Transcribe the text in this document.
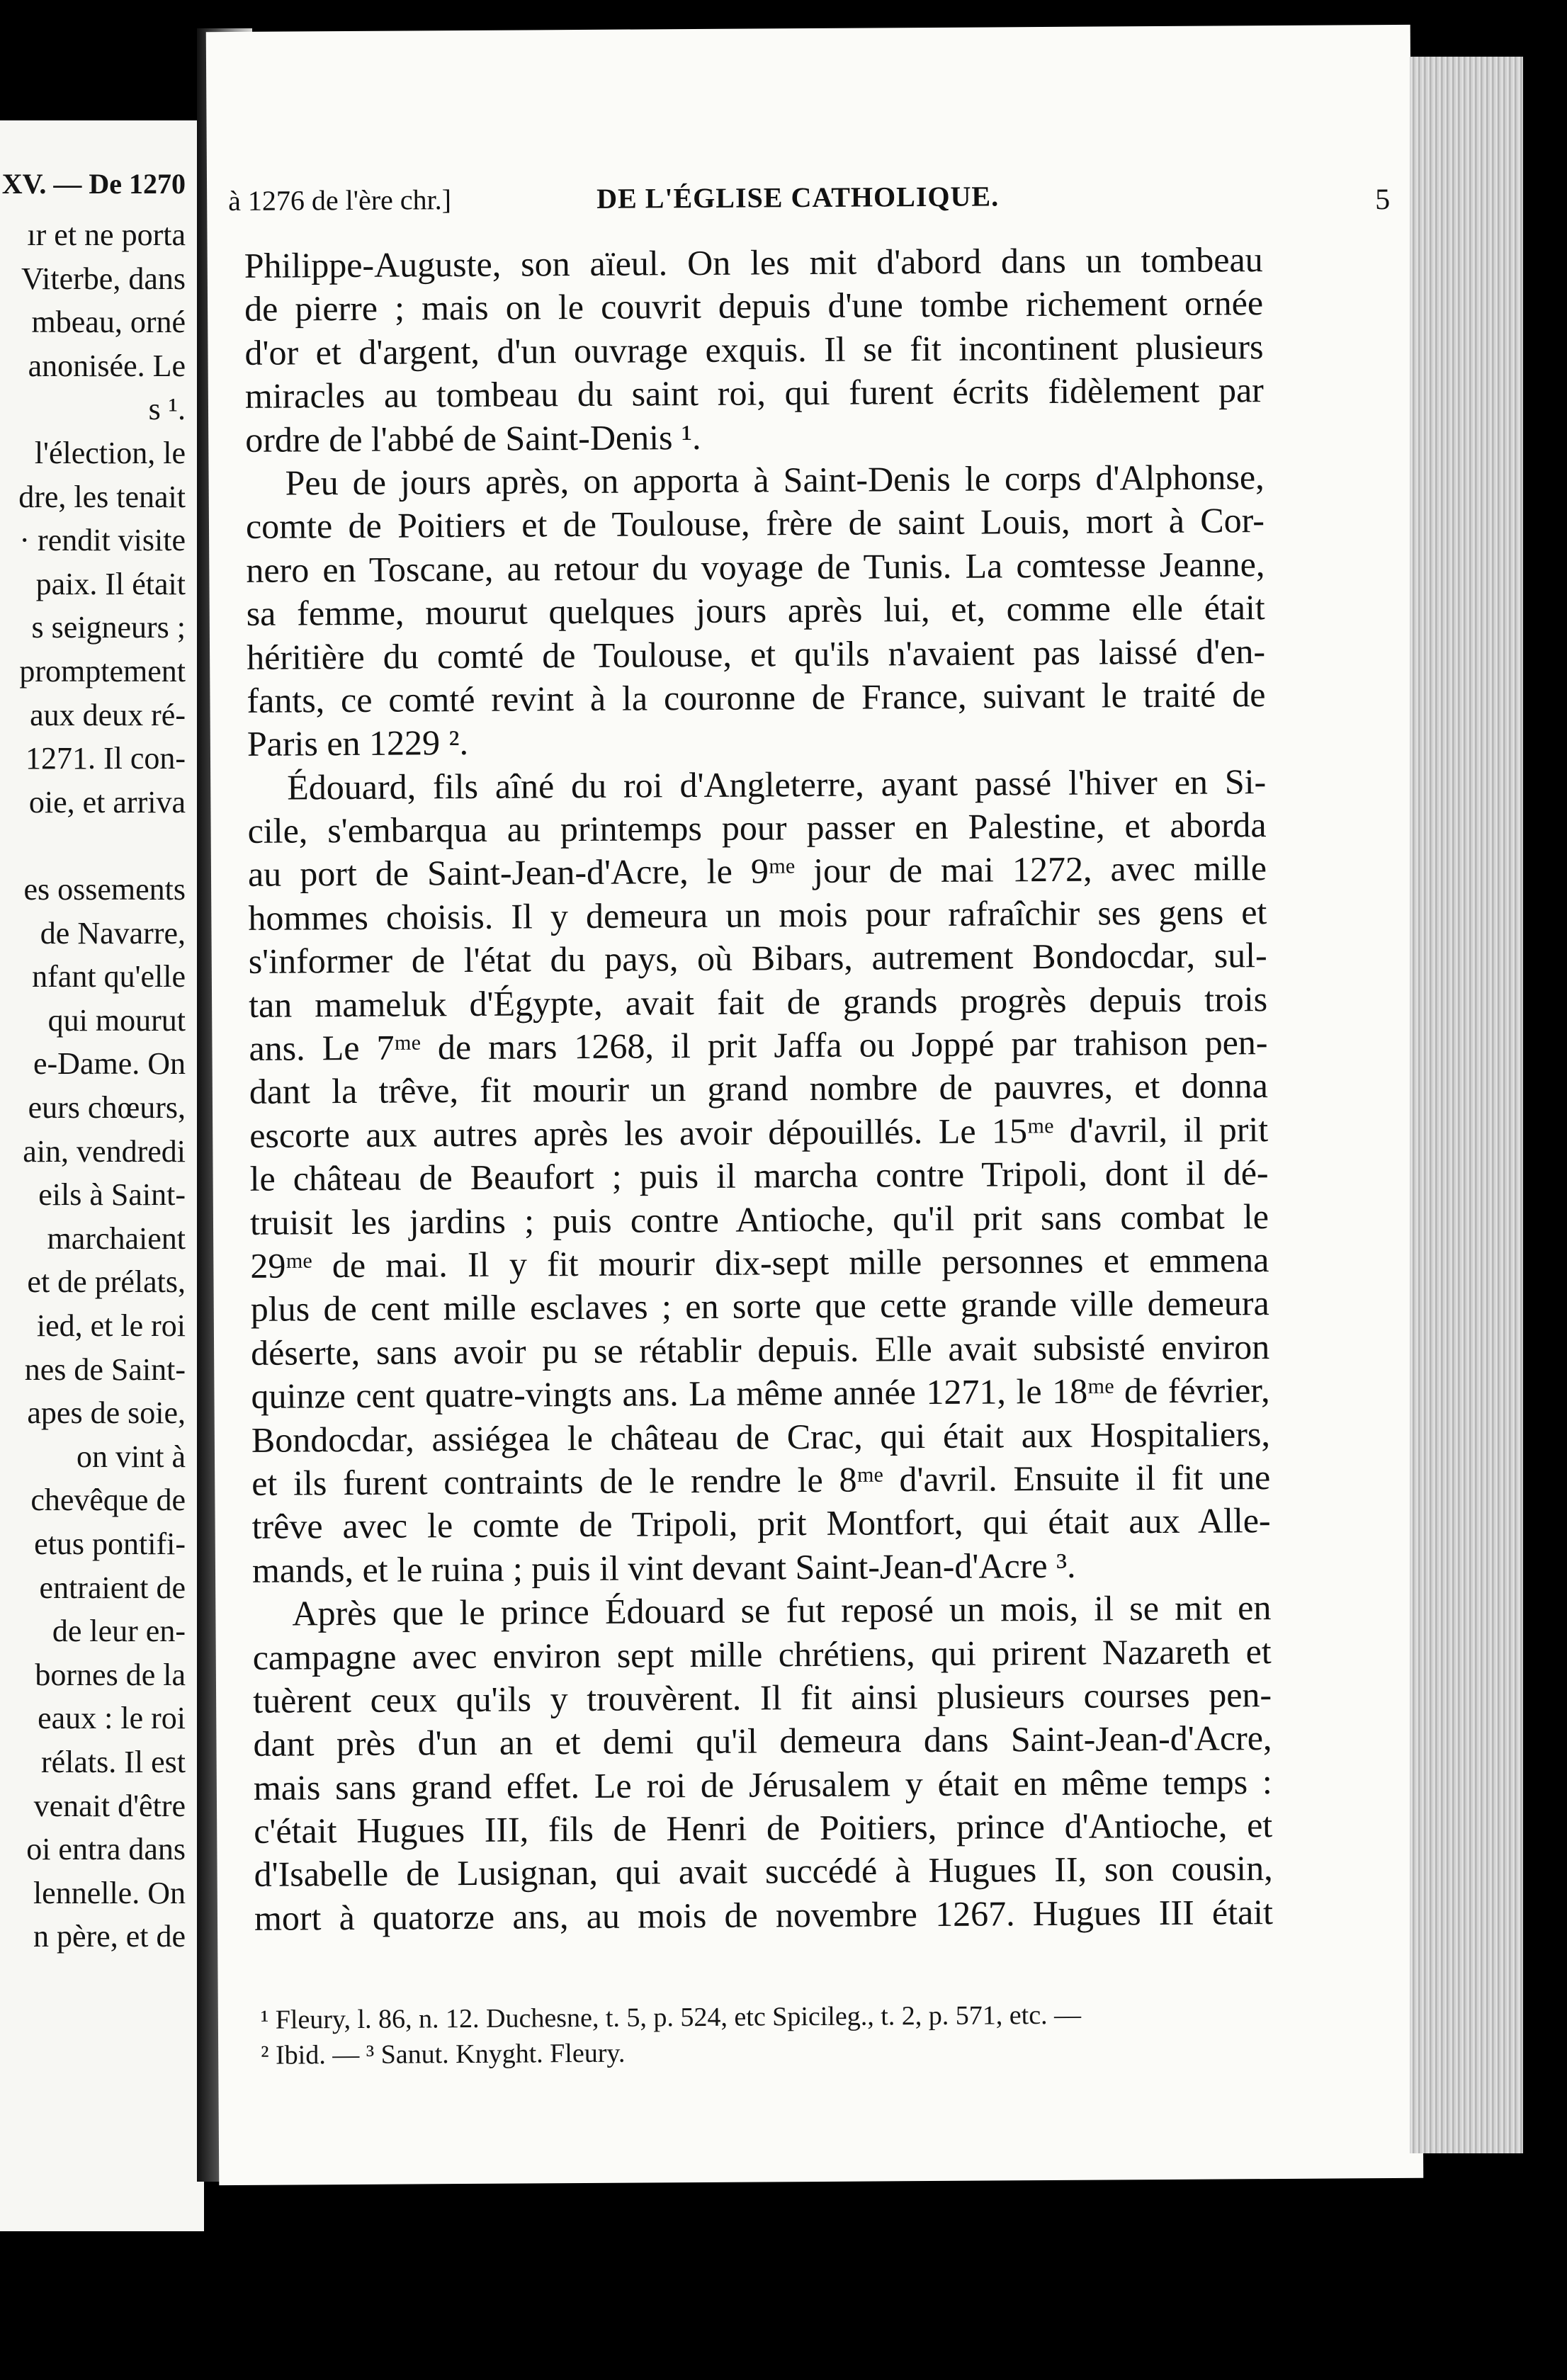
XV. — De 1270
ır et ne porta
Viterbe, dans
mbeau, orné
anonisée. Le
s ¹.
l'élection, le
dre, les tenait
· rendit visite
paix. Il était
s seigneurs ;
promptement
aux deux ré-
1271. Il con-
oie, et arriva
es ossements
de Navarre,
nfant qu'elle
qui mourut
e-Dame. On
eurs chœurs,
ain, vendredi
eils à Saint-
marchaient
et de prélats,
ied, et le roi
nes de Saint-
apes de soie,
on vint à
chevêque de
etus pontifi-
entraient de
de leur en-
bornes de la
eaux : le roi
rélats. Il est
venait d'être
oi entra dans
lennelle. On
n père, et de
à 1276 de l'ère chr.]	DE L'ÉGLISE CATHOLIQUE.	5
Philippe-Auguste, son aïeul. On les mit d'abord dans un tombeau
de pierre ; mais on le couvrit depuis d'une tombe richement ornée
d'or et d'argent, d'un ouvrage exquis. Il se fit incontinent plusieurs
miracles au tombeau du saint roi, qui furent écrits fidèlement par
ordre de l'abbé de Saint-Denis ¹.
Peu de jours après, on apporta à Saint-Denis le corps d'Alphonse,
comte de Poitiers et de Toulouse, frère de saint Louis, mort à Cor-
nero en Toscane, au retour du voyage de Tunis. La comtesse Jeanne,
sa femme, mourut quelques jours après lui, et, comme elle était
héritière du comté de Toulouse, et qu'ils n'avaient pas laissé d'en-
fants, ce comté revint à la couronne de France, suivant le traité de
Paris en 1229 ².
Édouard, fils aîné du roi d'Angleterre, ayant passé l'hiver en Si-
cile, s'embarqua au printemps pour passer en Palestine, et aborda
au port de Saint-Jean-d'Acre, le 9ᵐᵉ jour de mai 1272, avec mille
hommes choisis. Il y demeura un mois pour rafraîchir ses gens et
s'informer de l'état du pays, où Bibars, autrement Bondocdar, sul-
tan mameluk d'Égypte, avait fait de grands progrès depuis trois
ans. Le 7ᵐᵉ de mars 1268, il prit Jaffa ou Joppé par trahison pen-
dant la trêve, fit mourir un grand nombre de pauvres, et donna
escorte aux autres après les avoir dépouillés. Le 15ᵐᵉ d'avril, il prit
le château de Beaufort ; puis il marcha contre Tripoli, dont il dé-
truisit les jardins ; puis contre Antioche, qu'il prit sans combat le
29ᵐᵉ de mai. Il y fit mourir dix-sept mille personnes et emmena
plus de cent mille esclaves ; en sorte que cette grande ville demeura
déserte, sans avoir pu se rétablir depuis. Elle avait subsisté environ
quinze cent quatre-vingts ans. La même année 1271, le 18ᵐᵉ de février,
Bondocdar, assiégea le château de Crac, qui était aux Hospitaliers,
et ils furent contraints de le rendre le 8ᵐᵉ d'avril. Ensuite il fit une
trêve avec le comte de Tripoli, prit Montfort, qui était aux Alle-
mands, et le ruina ; puis il vint devant Saint-Jean-d'Acre ³.
Après que le prince Édouard se fut reposé un mois, il se mit en
campagne avec environ sept mille chrétiens, qui prirent Nazareth et
tuèrent ceux qu'ils y trouvèrent. Il fit ainsi plusieurs courses pen-
dant près d'un an et demi qu'il demeura dans Saint-Jean-d'Acre,
mais sans grand effet. Le roi de Jérusalem y était en même temps :
c'était Hugues III, fils de Henri de Poitiers, prince d'Antioche, et
d'Isabelle de Lusignan, qui avait succédé à Hugues II, son cousin,
mort à quatorze ans, au mois de novembre 1267. Hugues III était
¹ Fleury, l. 86, n. 12. Duchesne, t. 5, p. 524, etc Spicileg., t. 2, p. 571, etc. —
² Ibid. — ³ Sanut. Knyght. Fleury.
